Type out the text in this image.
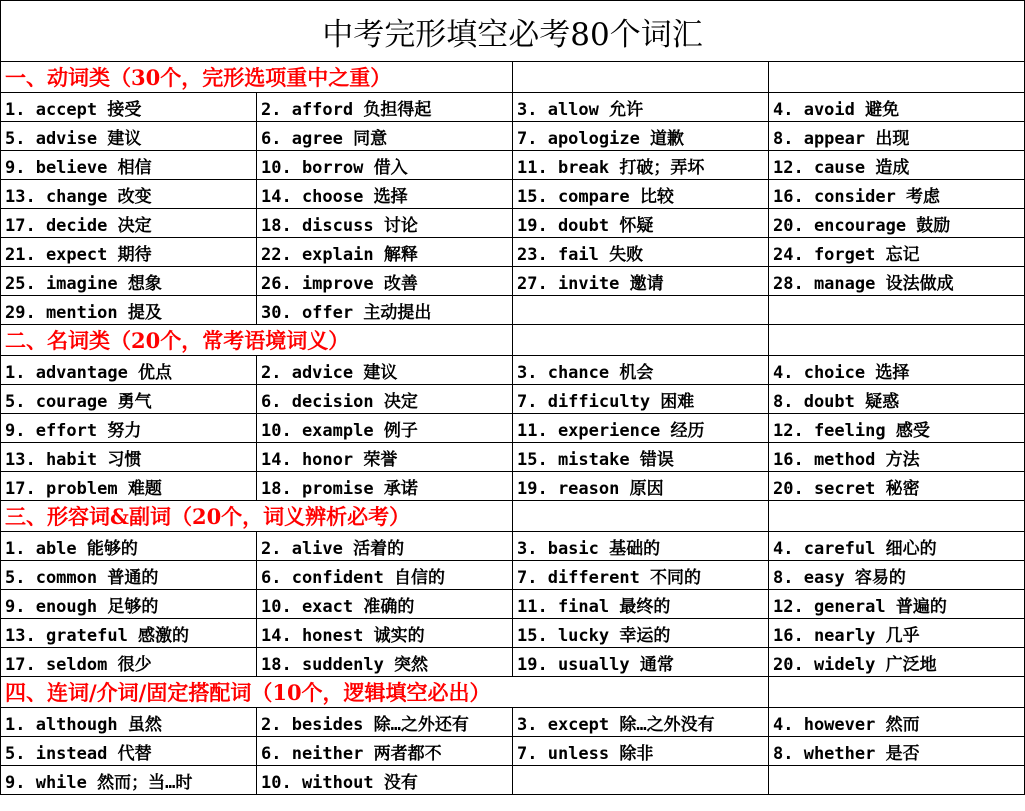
中考完形填空必考80个词汇			
一、动词类（30个，完形选项重中之重）			
1. accept 接受	2. afford 负担得起	3. allow 允许	4. avoid 避免
5. advise 建议	6. agree 同意	7. apologize 道歉	8. appear 出现
9. believe 相信	10. borrow 借入	11. break 打破；弄坏	12. cause 造成
13. change 改变	14. choose 选择	15. compare 比较	16. consider 考虑
17. decide 决定	18. discuss 讨论	19. doubt 怀疑	20. encourage 鼓励
21. expect 期待	22. explain 解释	23. fail 失败	24. forget 忘记
25. imagine 想象	26. improve 改善	27. invite 邀请	28. manage 设法做成
29. mention 提及	30. offer 主动提出		
二、名词类（20个，常考语境词义）			
1. advantage 优点	2. advice 建议	3. chance 机会	4. choice 选择
5. courage 勇气	6. decision 决定	7. difficulty 困难	8. doubt 疑惑
9. effort 努力	10. example 例子	11. experience 经历	12. feeling 感受
13. habit 习惯	14. honor 荣誉	15. mistake 错误	16. method 方法
17. problem 难题	18. promise 承诺	19. reason 原因	20. secret 秘密
三、形容词&副词（20个，词义辨析必考）			
1. able 能够的	2. alive 活着的	3. basic 基础的	4. careful 细心的
5. common 普通的	6. confident 自信的	7. different 不同的	8. easy 容易的
9. enough 足够的	10. exact 准确的	11. final 最终的	12. general 普遍的
13. grateful 感激的	14. honest 诚实的	15. lucky 幸运的	16. nearly 几乎
17. seldom 很少	18. suddenly 突然	19. usually 通常	20. widely 广泛地
四、连词/介词/固定搭配词（10个，逻辑填空必出）			
1. although 虽然	2. besides 除…之外还有	3. except 除…之外没有	4. however 然而
5. instead 代替	6. neither 两者都不	7. unless 除非	8. whether 是否
9. while 然而；当…时	10. without 没有		
